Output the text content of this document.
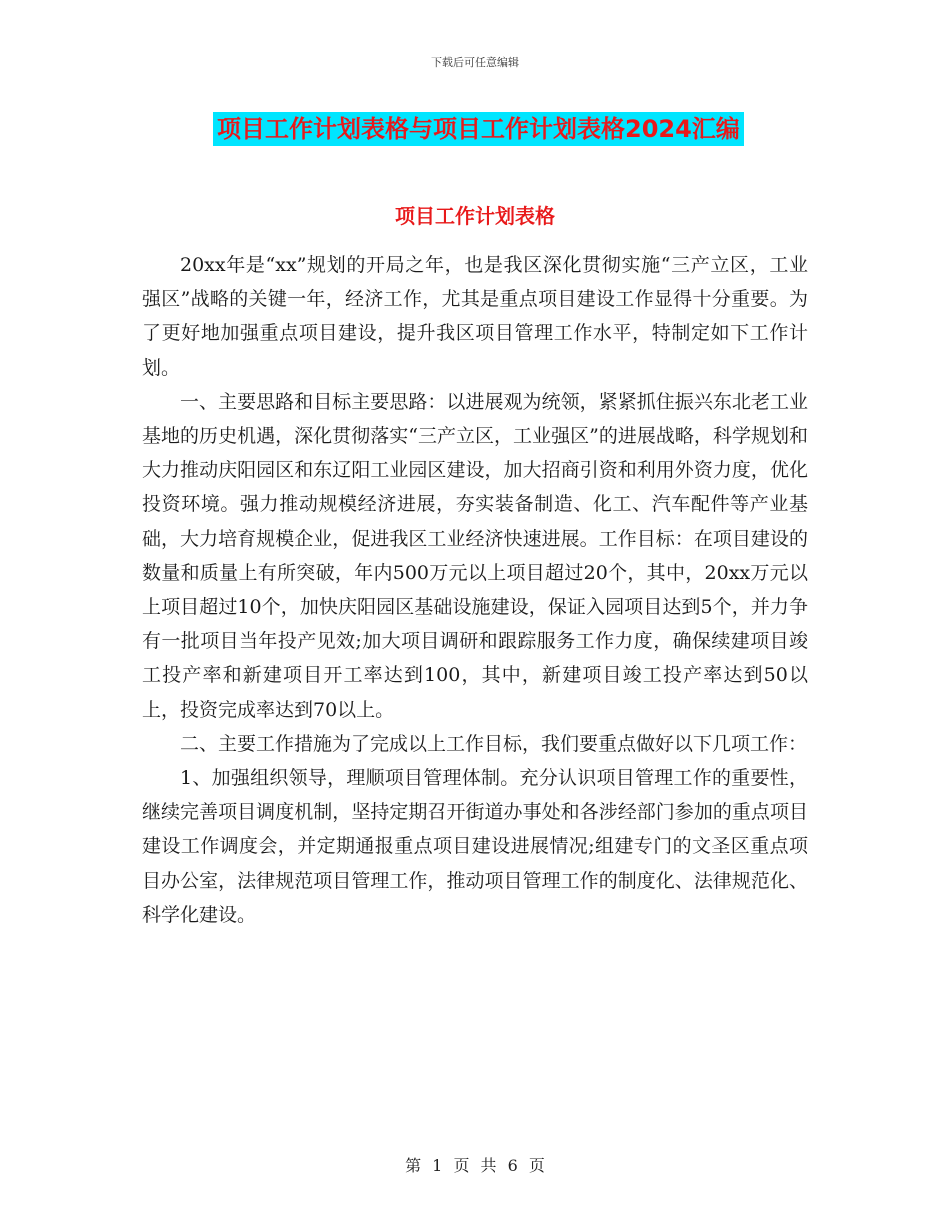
下载后可任意编辑
项目工作计划表格与项目工作计划表格2024汇编
项目工作计划表格

20xx年是“xx”规划的开局之年，也是我区深化贯彻实施“三产立区，工业强区”战略的关键一年，经济工作，尤其是重点项目建设工作显得十分重要。为了更好地加强重点项目建设，提升我区项目管理工作水平，特制定如下工作计划。

一、主要思路和目标主要思路：以进展观为统领，紧紧抓住振兴东北老工业基地的历史机遇，深化贯彻落实“三产立区，工业强区”的进展战略，科学规划和大力推动庆阳园区和东辽阳工业园区建设，加大招商引资和利用外资力度，优化投资环境。强力推动规模经济进展，夯实装备制造、化工、汽车配件等产业基础，大力培育规模企业，促进我区工业经济快速进展。工作目标：在项目建设的数量和质量上有所突破，年内500万元以上项目超过20个，其中，20xx万元以上项目超过10个，加快庆阳园区基础设施建设，保证入园项目达到5个，并力争有一批项目当年投产见效;加大项目调研和跟踪服务工作力度，确保续建项目竣工投产率和新建项目开工率达到100，其中，新建项目竣工投产率达到50以上，投资完成率达到70以上。

二、主要工作措施为了完成以上工作目标，我们要重点做好以下几项工作：

1、加强组织领导，理顺项目管理体制。充分认识项目管理工作的重要性，继续完善项目调度机制，坚持定期召开街道办事处和各涉经部门参加的重点项目建设工作调度会，并定期通报重点项目建设进展情况;组建专门的文圣区重点项目办公室，法律规范项目管理工作，推动项目管理工作的制度化、法律规范化、科学化建设。

第 1 页 共 6 页
